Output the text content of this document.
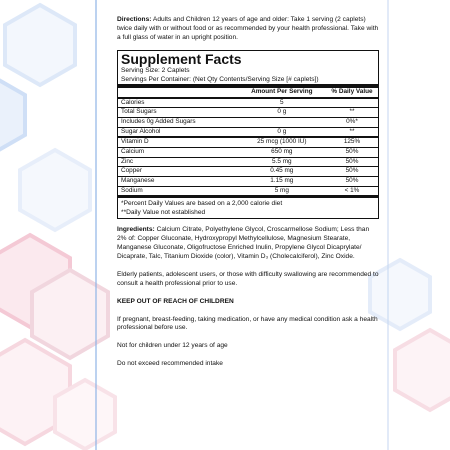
Directions: Adults and Children 12 years of age and older: Take 1 serving (2 caplets) twice daily with or without food or as recommended by your health professional. Take with a full glass of water in an upright position.

Supplement Facts
Serving Size: 2 Caplets
Servings Per Container: (Net Qty Contents/Serving Size [# caplets])
	Amount Per Serving	% Daily Value
Calories	5	
Total Sugars	0 g	**
Includes 0g Added Sugars		0%*
Sugar Alcohol	0 g	**
Vitamin D	25 mcg (1000 IU)	125%
Calcium	650 mg	50%
Zinc	5.5 mg	50%
Copper	0.45 mg	50%
Manganese	1.15 mg	50%
Sodium	5 mg	< 1%
*Percent Daily Values are based on a 2,000 calorie diet
**Daily Value not established

Ingredients: Calcium Citrate, Polyethylene Glycol, Croscarmellose Sodium; Less than 2% of: Copper Gluconate, Hydroxypropyl Methylcellulose, Magnesium Stearate, Manganese Gluconate, Oligofructose Enriched Inulin, Propylene Glycol Dicaprylate/ Dicaprate, Talc, Titanium Dioxide (color), Vitamin D₃ (Cholecalciferol), Zinc Oxide.

Elderly patients, adolescent users, or those with difficulty swallowing are recommended to consult a health professional prior to use.

KEEP OUT OF REACH OF CHILDREN

If pregnant, breast-feeding, taking medication, or have any medical condition ask a health professional before use.

Not for children under 12 years of age

Do not exceed recommended intake
